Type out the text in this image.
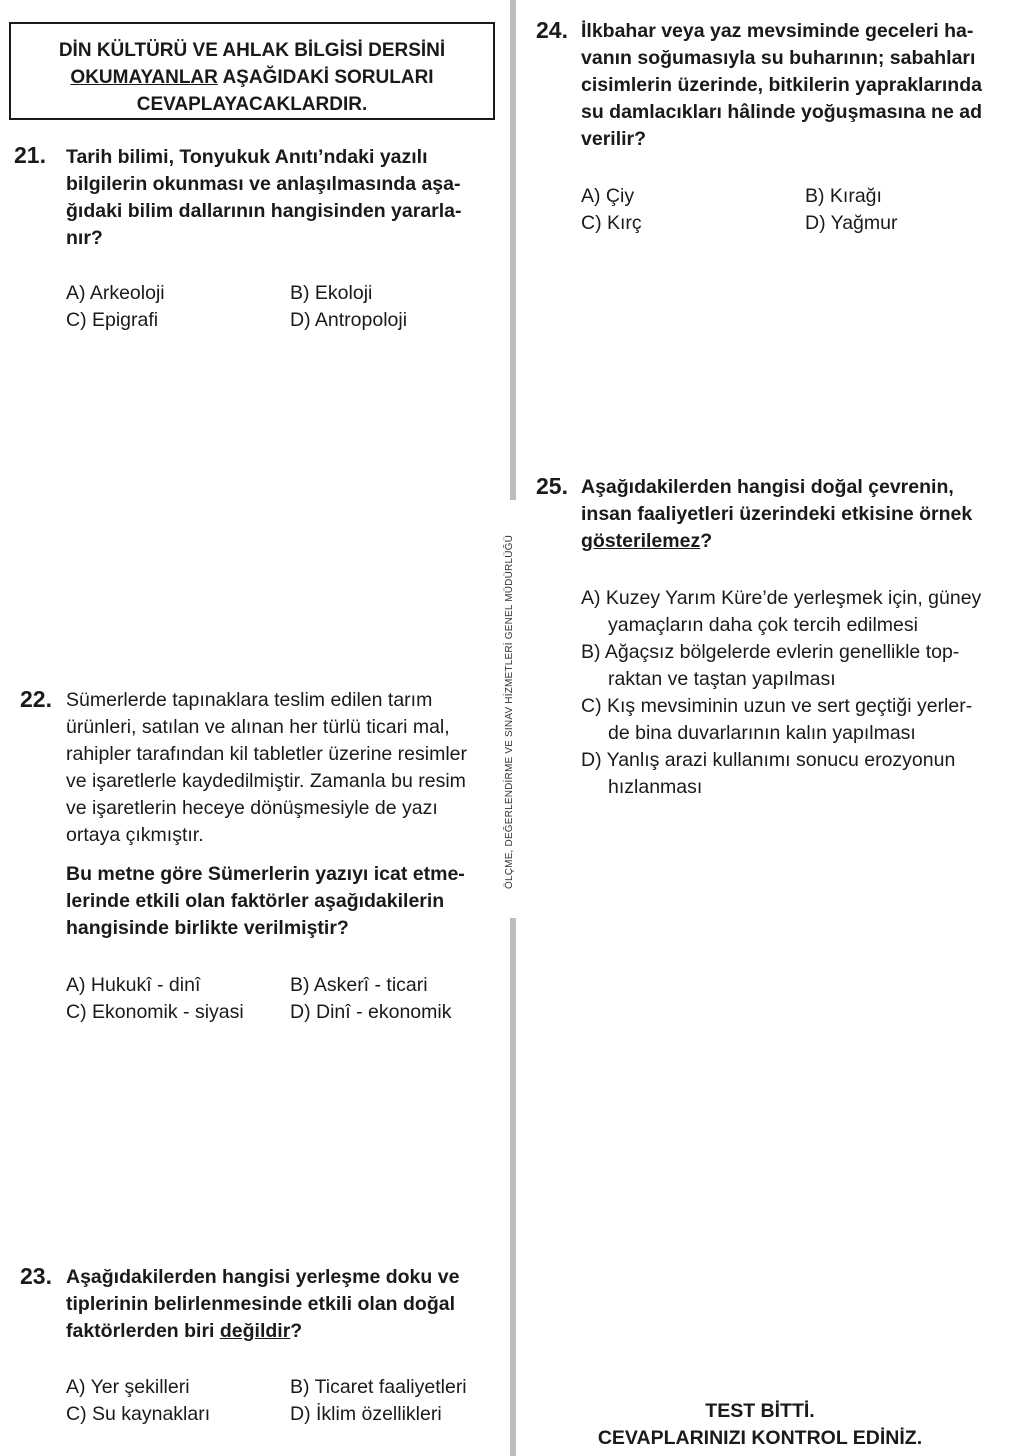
DİN KÜLTÜRÜ VE AHLAK BİLGİSİ DERSİNİ
OKUMAYANLAR AŞAĞIDAKİ SORULARI
CEVAPLAYACAKLARDIR.
ÖLÇME, DEĞERLENDİRME VE SINAV HİZMETLERİ GENEL MÜDÜRLÜĞÜ
21. Tarih bilimi, Tonyukuk Anıtı’ndaki yazılı
bilgilerin okunması ve anlaşılmasında aşa-
ğıdaki bilim dallarının hangisinden yararla-
nır?
A) Arkeoloji	B) Ekoloji
C) Epigrafi	D) Antropoloji
22. Sümerlerde tapınaklara teslim edilen tarım
ürünleri, satılan ve alınan her türlü ticari mal,
rahipler tarafından kil tabletler üzerine resimler
ve işaretlerle kaydedilmiştir. Zamanla bu resim
ve işaretlerin heceye dönüşmesiyle de yazı
ortaya çıkmıştır.
Bu metne göre Sümerlerin yazıyı icat etme-
lerinde etkili olan faktörler aşağıdakilerin
hangisinde birlikte verilmiştir?
A) Hukukî - dinî	B) Askerî - ticari
C) Ekonomik - siyasi D) Dinî - ekonomik
23. Aşağıdakilerden hangisi yerleşme doku ve
tiplerinin belirlenmesinde etkili olan doğal
faktörlerden biri değildir?
A) Yer şekilleri	B) Ticaret faaliyetleri
C) Su kaynakları	D) İklim özellikleri
24. İlkbahar veya yaz mevsiminde geceleri ha-
vanın soğumasıyla su buharının; sabahları
cisimlerin üzerinde, bitkilerin yapraklarında
su damlacıkları hâlinde yoğuşmasına ne ad
verilir?
A) Çiy	B) Kırağı
C) Kırç	D) Yağmur
25. Aşağıdakilerden hangisi doğal çevrenin,
insan faaliyetleri üzerindeki etkisine örnek
gösterilemez?
A) Kuzey Yarım Küre’de yerleşmek için, güney
yamaçların daha çok tercih edilmesi
B) Ağaçsız bölgelerde evlerin genellikle top-
raktan ve taştan yapılması
C) Kış mevsiminin uzun ve sert geçtiği yerler-
de bina duvarlarının kalın yapılması
D) Yanlış arazi kullanımı sonucu erozyonun
hızlanması
TEST BİTTİ.
CEVAPLARINIZI KONTROL EDİNİZ.
